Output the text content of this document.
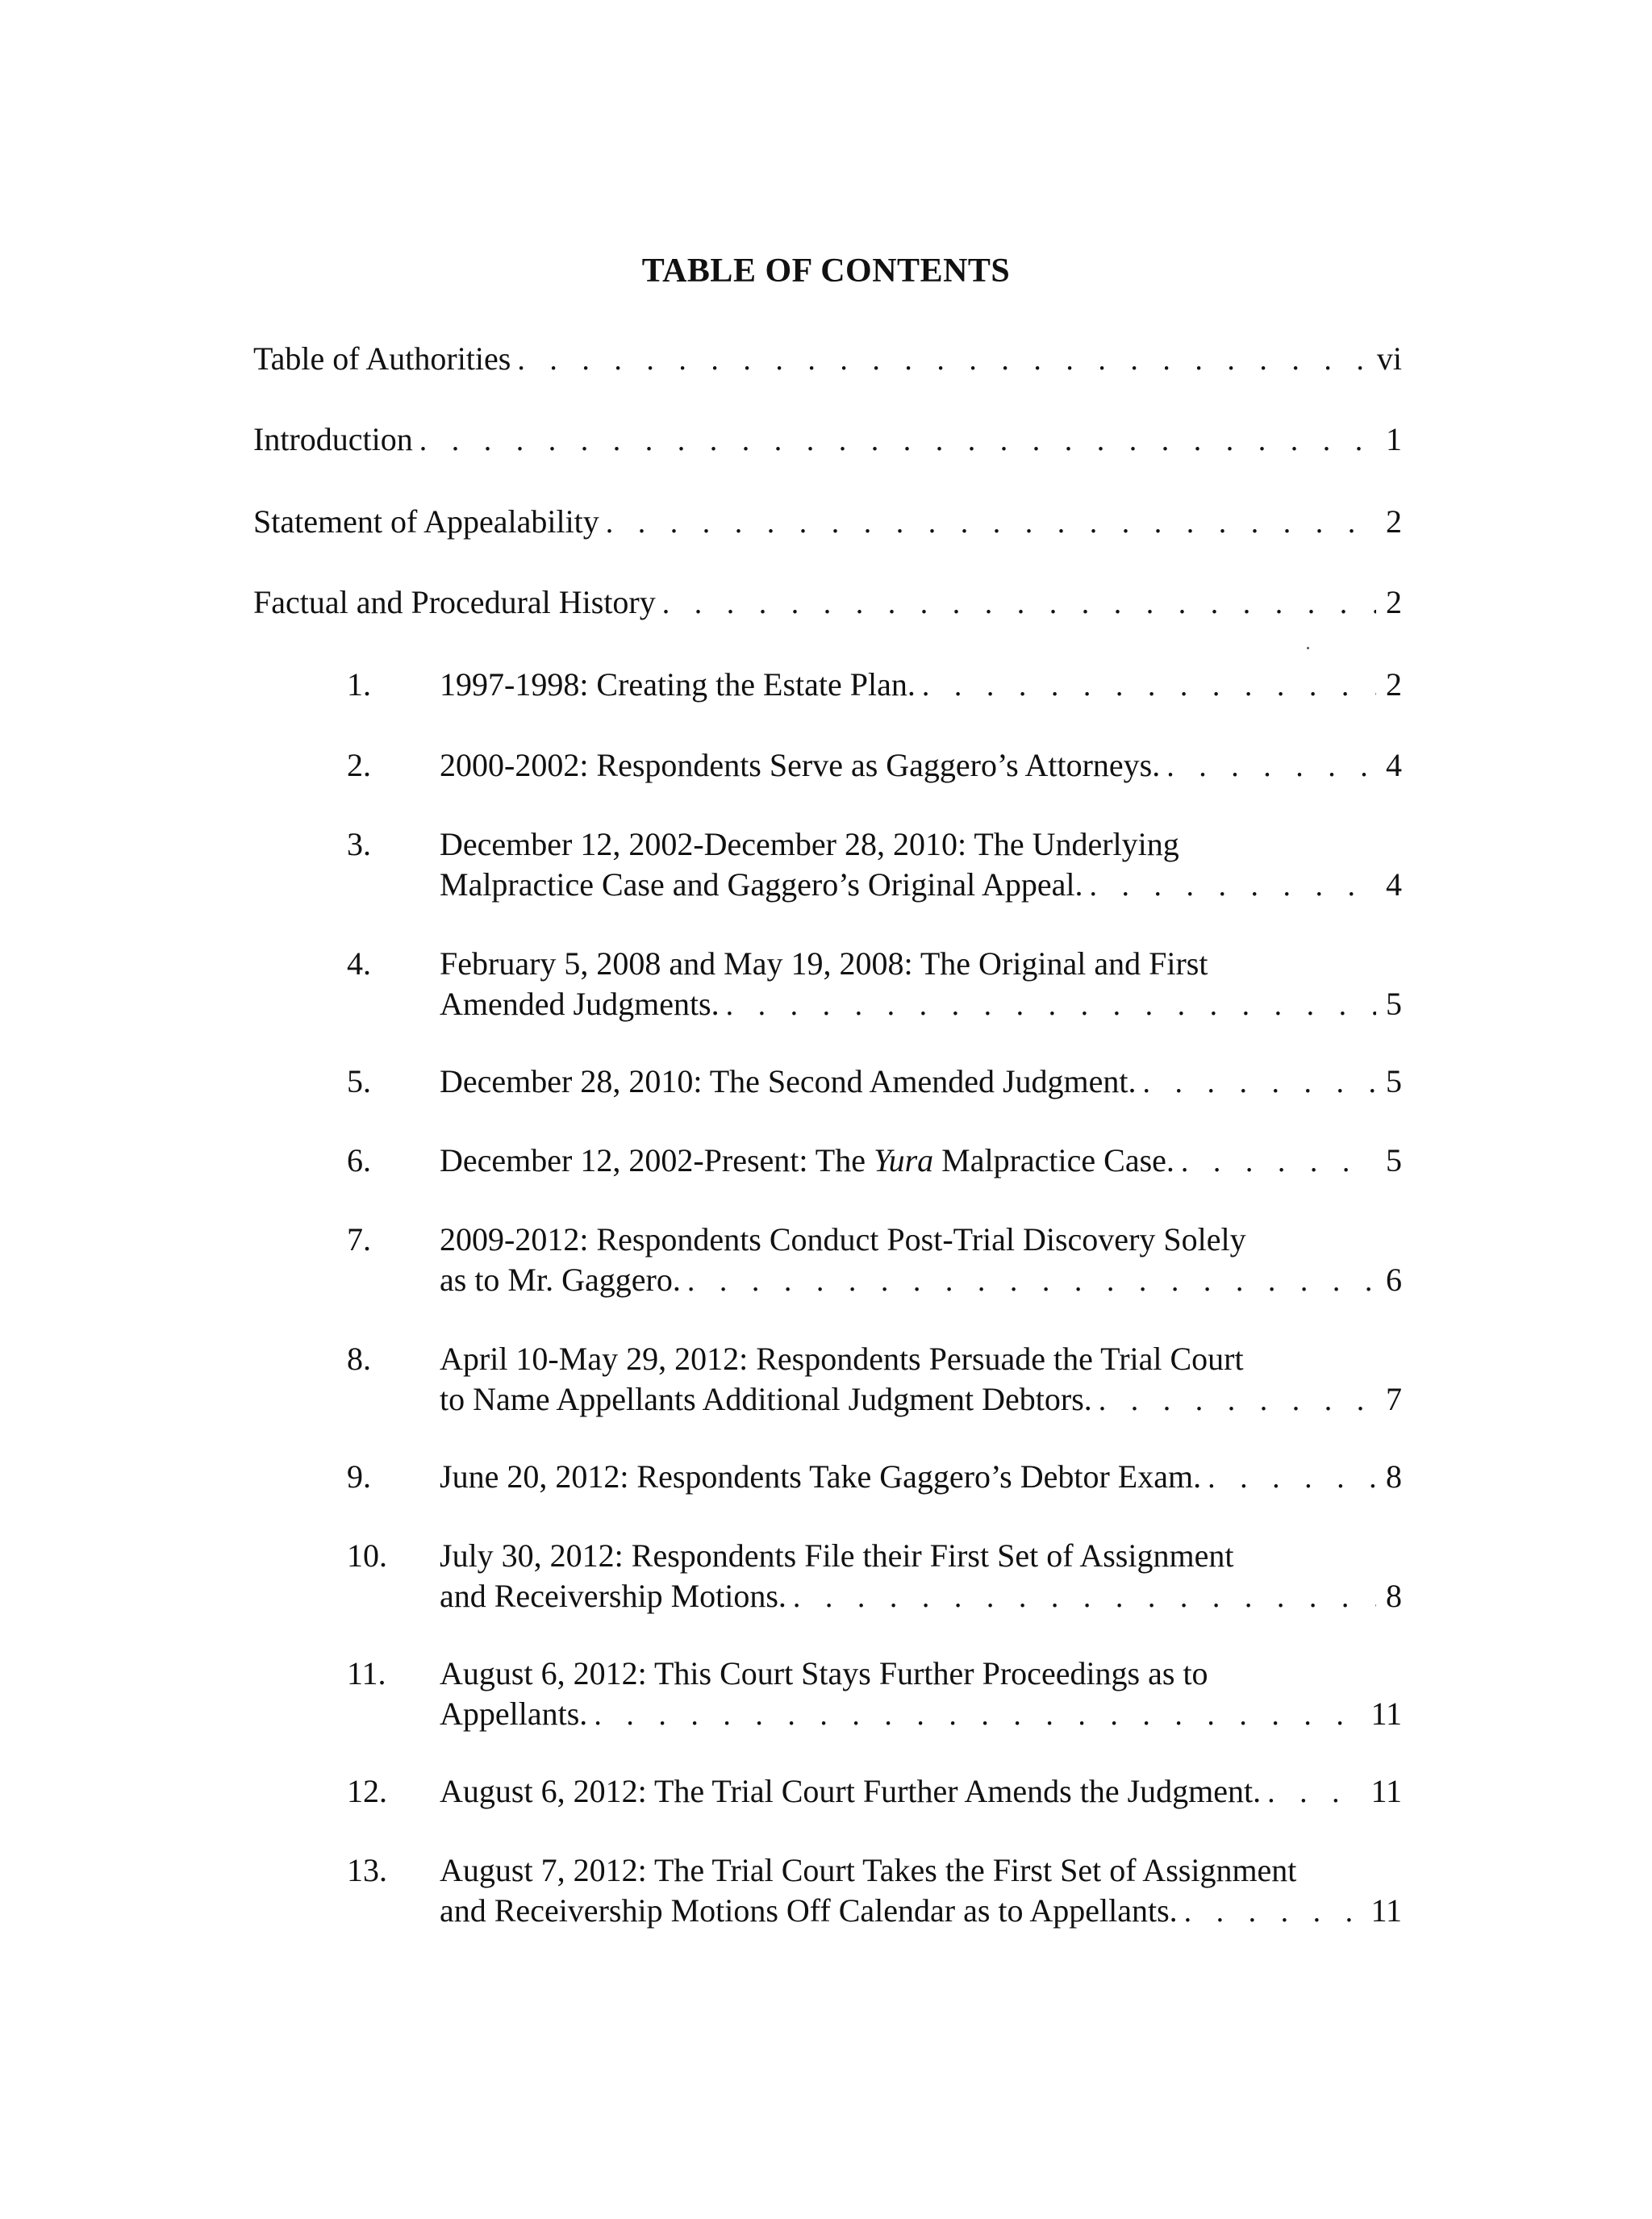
TABLE OF CONTENTS
Table of Authorities . . .	vi
Introduction . . .	1
Statement of Appealability . . .	2
Factual and Procedural History . . .	2
1.	1997-1998: Creating the Estate Plan. . . .	2
2.	2000-2002: Respondents Serve as Gaggero’s Attorneys. . . .	4
3.	December 12, 2002-December 28, 2010: The Underlying
Malpractice Case and Gaggero’s Original Appeal. . . .	4
4.	February 5, 2008 and May 19, 2008: The Original and First
Amended Judgments. . . .	5
5.	December 28, 2010: The Second Amended Judgment. . . .	5
6.	December 12, 2002-Present: The Yura Malpractice Case. . . .	5
7.	2009-2012: Respondents Conduct Post-Trial Discovery Solely
as to Mr. Gaggero. . . .	6
8.	April 10-May 29, 2012: Respondents Persuade the Trial Court
to Name Appellants Additional Judgment Debtors. . . .	7
9.	June 20, 2012: Respondents Take Gaggero’s Debtor Exam. . . .	8
10.	July 30, 2012: Respondents File their First Set of Assignment
and Receivership Motions. . . .	8
11.	August 6, 2012: This Court Stays Further Proceedings as to
Appellants. . . .	11
12.	August 6, 2012: The Trial Court Further Amends the Judgment. . . .	11
13.	August 7, 2012: The Trial Court Takes the First Set of Assignment
and Receivership Motions Off Calendar as to Appellants. . . .	11
